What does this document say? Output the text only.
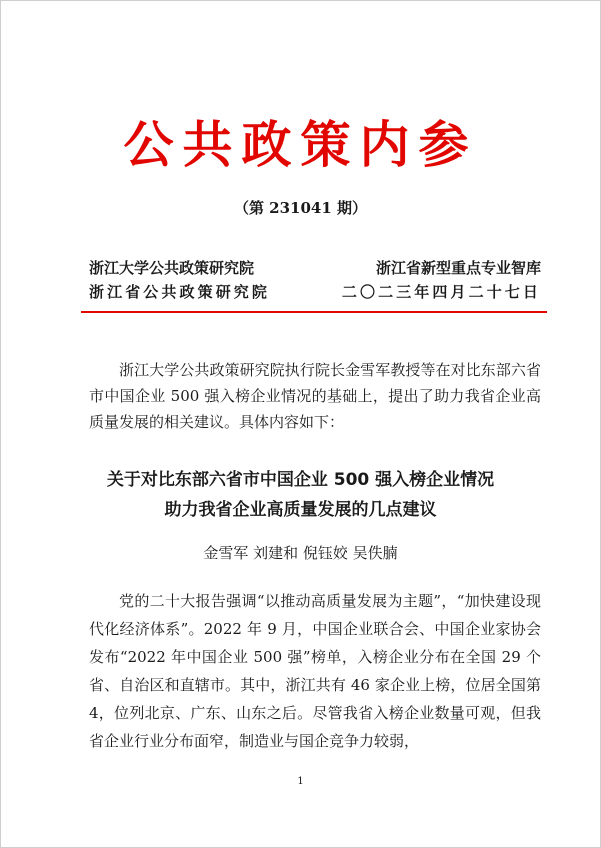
公共政策内参
（第 231041 期）
浙江大学公共政策研究院	浙江省新型重点专业智库
浙江省公共政策研究院	二〇二三年四月二十七日
浙江大学公共政策研究院执行院长金雪军教授等在对比东部六省市中国企业 500 强入榜企业情况的基础上，提出了助力我省企业高质量发展的相关建议。具体内容如下：
关于对比东部六省市中国企业 500 强入榜企业情况
助力我省企业高质量发展的几点建议
金雪军 刘建和 倪钰姣 吴佚腩
党的二十大报告强调“以推动高质量发展为主题”，“加快建设现代化经济体系”。2022 年 9 月，中国企业联合会、中国企业家协会发布“2022 年中国企业 500 强”榜单，入榜企业分布在全国 29 个省、自治区和直辖市。其中，浙江共有 46 家企业上榜，位居全国第 4，位列北京、广东、山东之后。尽管我省入榜企业数量可观，但我省企业行业分布面窄，制造业与国企竞争力较弱，
1
